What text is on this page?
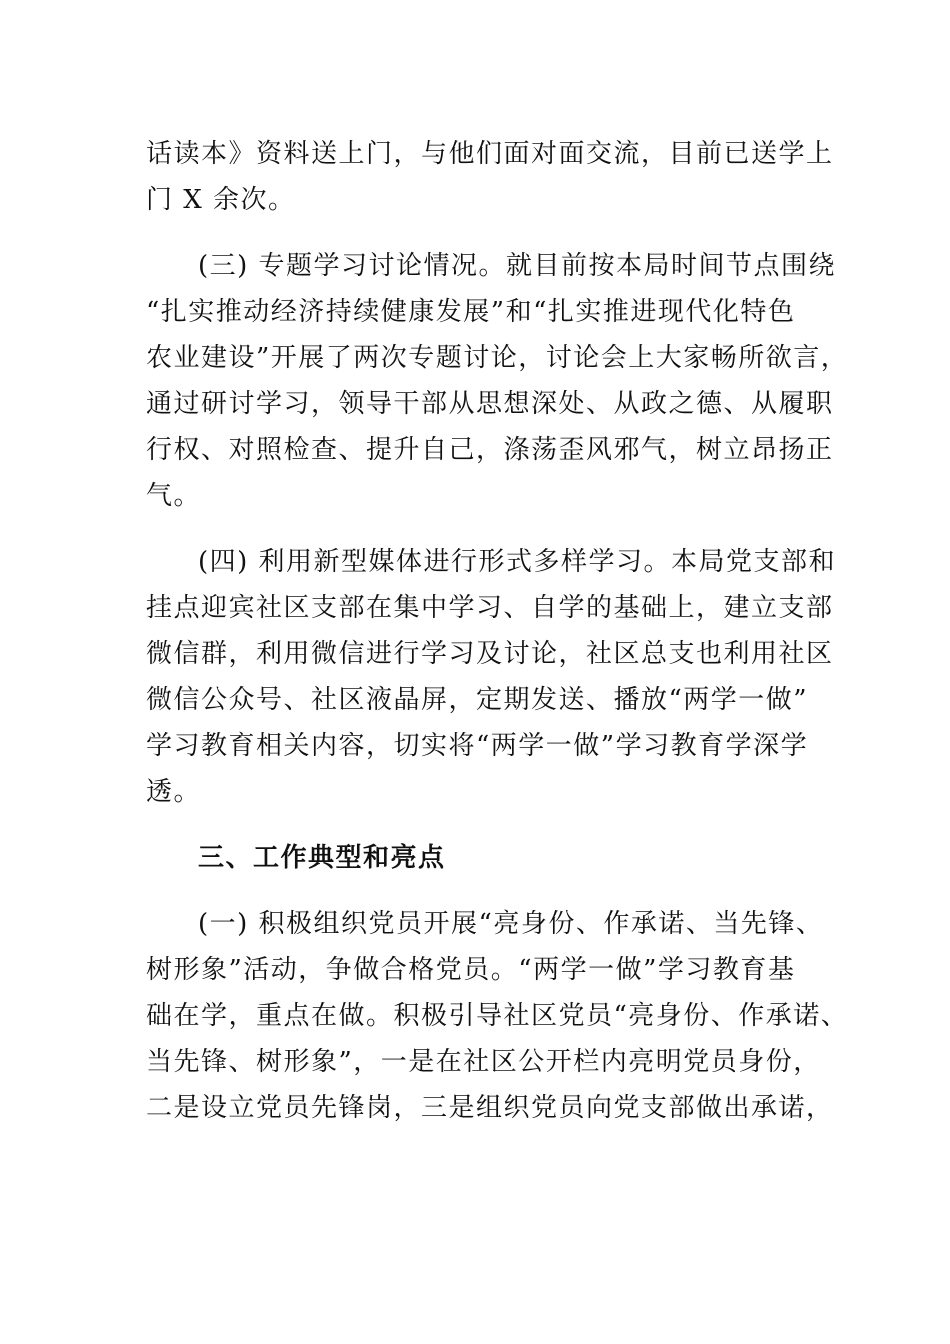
话读本》资料送上门，与他们面对面交流，目前已送学上
门 X 余次。
(三) 专题学习讨论情况。就目前按本局时间节点围绕
“扎实推动经济持续健康发展”和“扎实推进现代化特色
农业建设”开展了两次专题讨论，讨论会上大家畅所欲言，
通过研讨学习，领导干部从思想深处、从政之德、从履职
行权、对照检查、提升自己，涤荡歪风邪气，树立昂扬正
气。
(四) 利用新型媒体进行形式多样学习。本局党支部和
挂点迎宾社区支部在集中学习、自学的基础上，建立支部
微信群，利用微信进行学习及讨论，社区总支也利用社区
微信公众号、社区液晶屏，定期发送、播放“两学一做”
学习教育相关内容，切实将“两学一做”学习教育学深学
透。
三、工作典型和亮点
(一) 积极组织党员开展“亮身份、作承诺、当先锋、
树形象”活动，争做合格党员。“两学一做”学习教育基
础在学，重点在做。积极引导社区党员“亮身份、作承诺、
当先锋、树形象”，一是在社区公开栏内亮明党员身份，
二是设立党员先锋岗，三是组织党员向党支部做出承诺，
